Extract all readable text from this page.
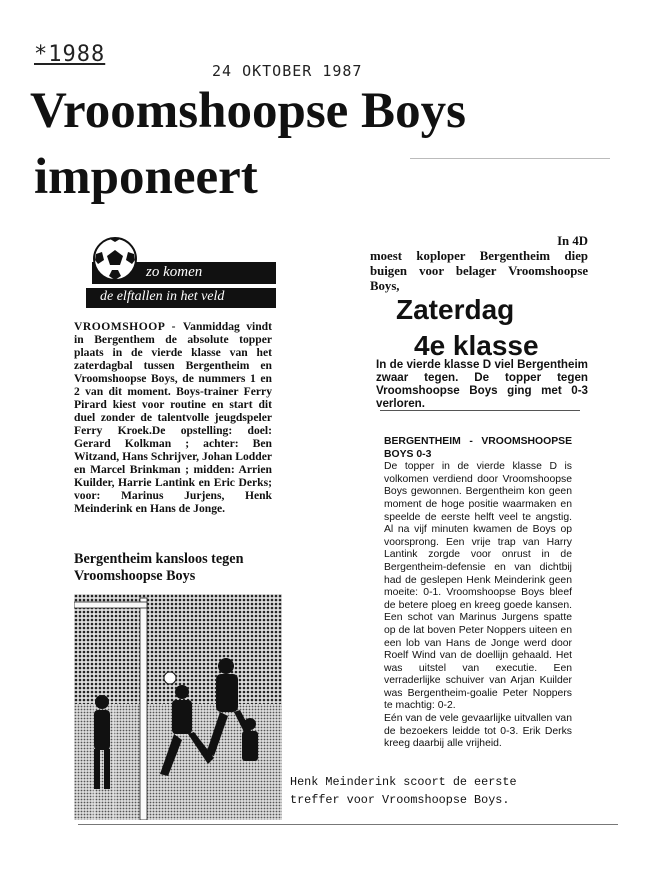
*1988
24 OKTOBER 1987
Vroomshoopse Boys
imponeert
zo komen
de elftallen in het veld
VROOMSHOOP - Vanmiddag vindt in Bergenthem de absolute topper plaats in de vierde klasse van het zaterdagbal tussen Bergentheim en Vroomshoopse Boys, de nummers 1 en 2 van dit moment. Boys-trainer Ferry Pirard kiest voor routine en start dit duel zonder de talentvolle jeugdspeler Ferry Kroek.De opstelling: doel: Gerard Kolkman ; achter: Ben Witzand, Hans Schrijver, Johan Lodder en Marcel Brinkman ; midden: Arrien Kuilder, Harrie Lantink en Eric Derks; voor: Marinus Jurjens, Henk Meinderink en Hans de Jonge.
In 4D
moest koploper Bergentheim diep buigen voor belager Vroomshoopse Boys,
Zaterdag
4e klasse
In de vierde klasse D viel Bergentheim zwaar tegen. De topper tegen Vroomshoopse Boys ging met 0-3 verloren.
BERGENTHEIM - VROOMSHOOPSE BOYS 0-3
De topper in de vierde klasse D is volkomen verdiend door Vroomshoopse Boys gewonnen. Bergentheim kon geen moment de hoge positie waarmaken en speelde de eerste helft veel te angstig. Al na vijf minuten kwamen de Boys op voorsprong. Een vrije trap van Harry Lantink zorgde voor onrust in de Bergentheim-defensie en van dichtbij had de geslepen Henk Meinderink geen moeite: 0-1. Vroomshoopse Boys bleef de betere ploeg en kreeg goede kansen. Een schot van Marinus Jurgens spatte op de lat boven Peter Noppers uiteen en een lob van Hans de Jonge werd door Roelf Wind van de doellijn gehaald. Het was uitstel van executie. Een verraderlijke schuiver van Arjan Kuilder was Bergentheim-goalie Peter Noppers te machtig: 0-2.
Eén van de vele gevaarlijke uitvallen van de bezoekers leidde tot 0-3. Erik Derks kreeg daarbij alle vrijheid.
Bergentheim kansloos tegen Vroomshoopse Boys
Henk Meinderink scoort de eerste treffer voor Vroomshoopse Boys.
